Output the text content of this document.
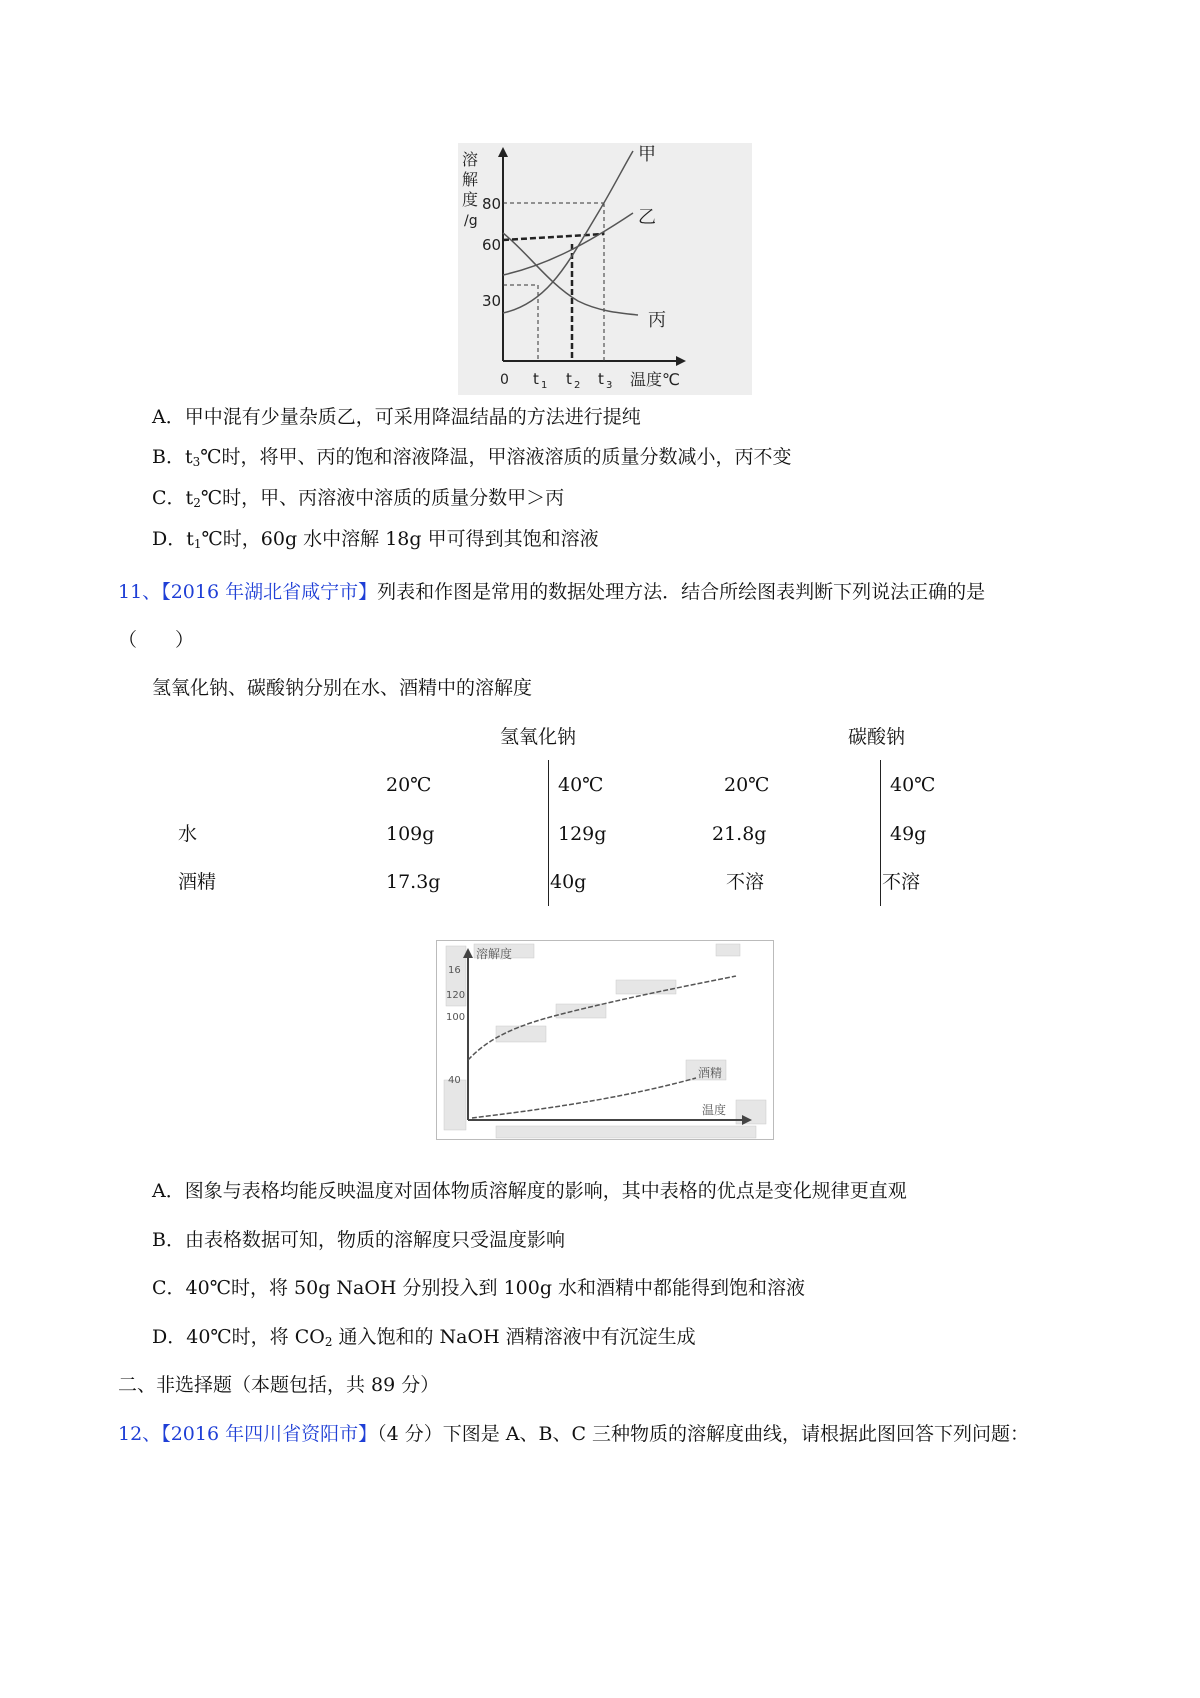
溶
解
度
/g
80
60
30
甲
乙
丙
0 t 1 t 2 t 3 温度℃
A．甲中混有少量杂质乙，可采用降温结晶的方法进行提纯
B．$t_3℃$时，将甲、丙的饱和溶液降温，甲溶液溶质的质量分数减小，丙不变
C．$t_2℃$时，甲、丙溶液中溶质的质量分数甲＞丙
D．$t_1℃$时，60g 水中溶解 18g 甲可得到其饱和溶液
11、【2016 年湖北省咸宁市】列表和作图是常用的数据处理方法．结合所绘图表判断下列说法正确的是
（　　）
氢氧化钠、碳酸钠分别在水、酒精中的溶解度
氢氧化钠	碳酸钠
20℃	40℃	20℃	40℃
水	109g	129g	21.8g	49g
酒精	17.3g	40g	不溶	不溶
溶解度
16
120
100
40
酒精
温度
A．图象与表格均能反映温度对固体物质溶解度的影响，其中表格的优点是变化规律更直观
B．由表格数据可知，物质的溶解度只受温度影响
C．40℃时，将 50g NaOH 分别投入到 100g 水和酒精中都能得到饱和溶液
D．40℃时，将 $CO_2$ 通入饱和的 NaOH 酒精溶液中有沉淀生成
二、非选择题（本题包括，共 89 分）
12、【2016 年四川省资阳市】（4 分）下图是 A、B、C 三种物质的溶解度曲线，请根据此图回答下列问题：
